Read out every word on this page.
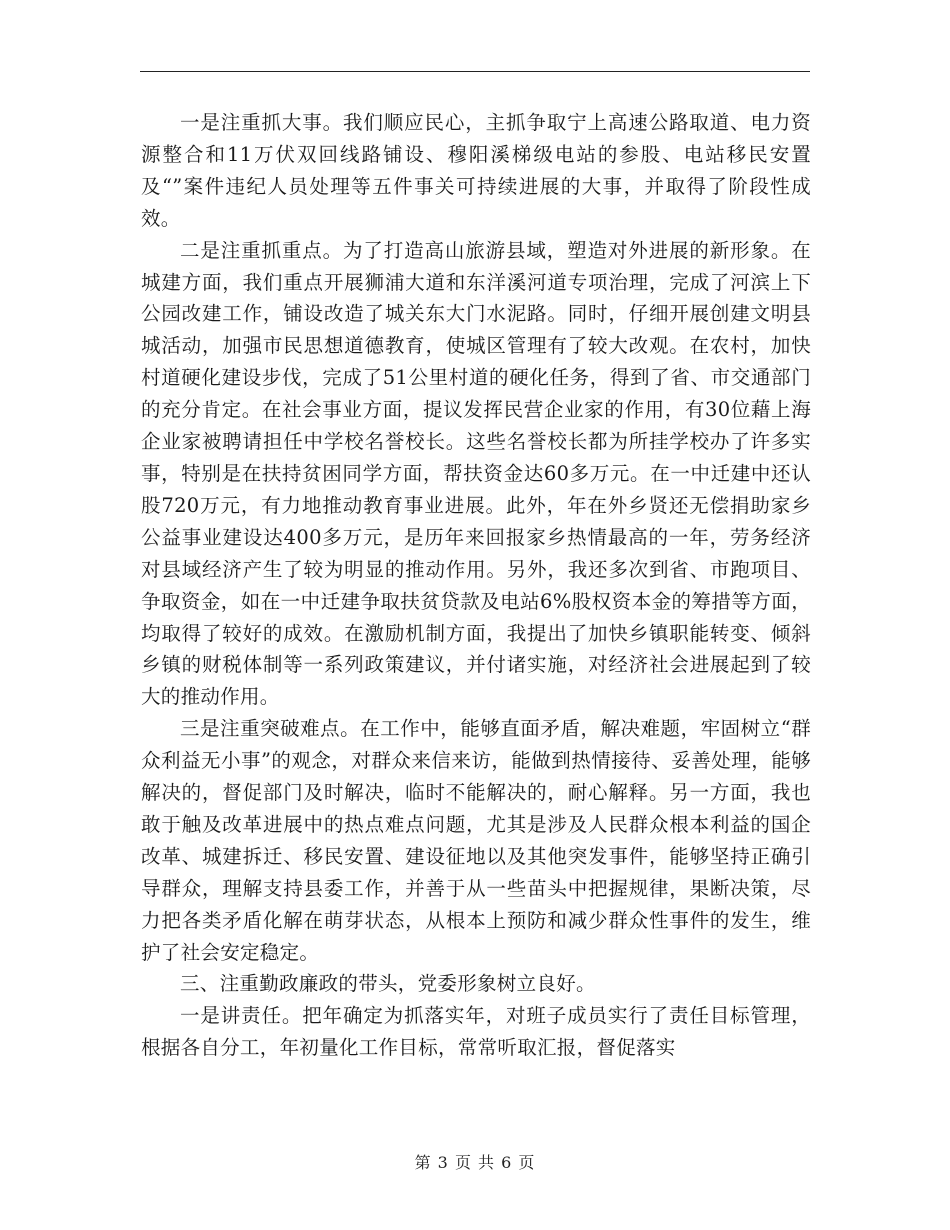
一是注重抓大事。我们顺应民心，主抓争取宁上高速公路取道、电力资源整合和11万伏双回线路铺设、穆阳溪梯级电站的参股、电站移民安置及“”案件违纪人员处理等五件事关可持续进展的大事，并取得了阶段性成效。

二是注重抓重点。为了打造高山旅游县域，塑造对外进展的新形象。在城建方面，我们重点开展狮浦大道和东洋溪河道专项治理，完成了河滨上下公园改建工作，铺设改造了城关东大门水泥路。同时，仔细开展创建文明县城活动，加强市民思想道德教育，使城区管理有了较大改观。在农村，加快村道硬化建设步伐，完成了51公里村道的硬化任务，得到了省、市交通部门的充分肯定。在社会事业方面，提议发挥民营企业家的作用，有30位藉上海企业家被聘请担任中学校名誉校长。这些名誉校长都为所挂学校办了许多实事，特别是在扶持贫困同学方面，帮扶资金达60多万元。在一中迁建中还认股720万元，有力地推动教育事业进展。此外，年在外乡贤还无偿捐助家乡公益事业建设达400多万元，是历年来回报家乡热情最高的一年，劳务经济对县域经济产生了较为明显的推动作用。另外，我还多次到省、市跑项目、争取资金，如在一中迁建争取扶贫贷款及电站6%股权资本金的筹措等方面，均取得了较好的成效。在激励机制方面，我提出了加快乡镇职能转变、倾斜乡镇的财税体制等一系列政策建议，并付诸实施，对经济社会进展起到了较大的推动作用。

三是注重突破难点。在工作中，能够直面矛盾，解决难题，牢固树立“群众利益无小事”的观念，对群众来信来访，能做到热情接待、妥善处理，能够解决的，督促部门及时解决，临时不能解决的，耐心解释。另一方面，我也敢于触及改革进展中的热点难点问题，尤其是涉及人民群众根本利益的国企改革、城建拆迁、移民安置、建设征地以及其他突发事件，能够坚持正确引导群众，理解支持县委工作，并善于从一些苗头中把握规律，果断决策，尽力把各类矛盾化解在萌芽状态，从根本上预防和减少群众性事件的发生，维护了社会安定稳定。

三、注重勤政廉政的带头，党委形象树立良好。

一是讲责任。把年确定为抓落实年，对班子成员实行了责任目标管理，根据各自分工，年初量化工作目标，常常听取汇报，督促落实

第 3 页 共 6 页
